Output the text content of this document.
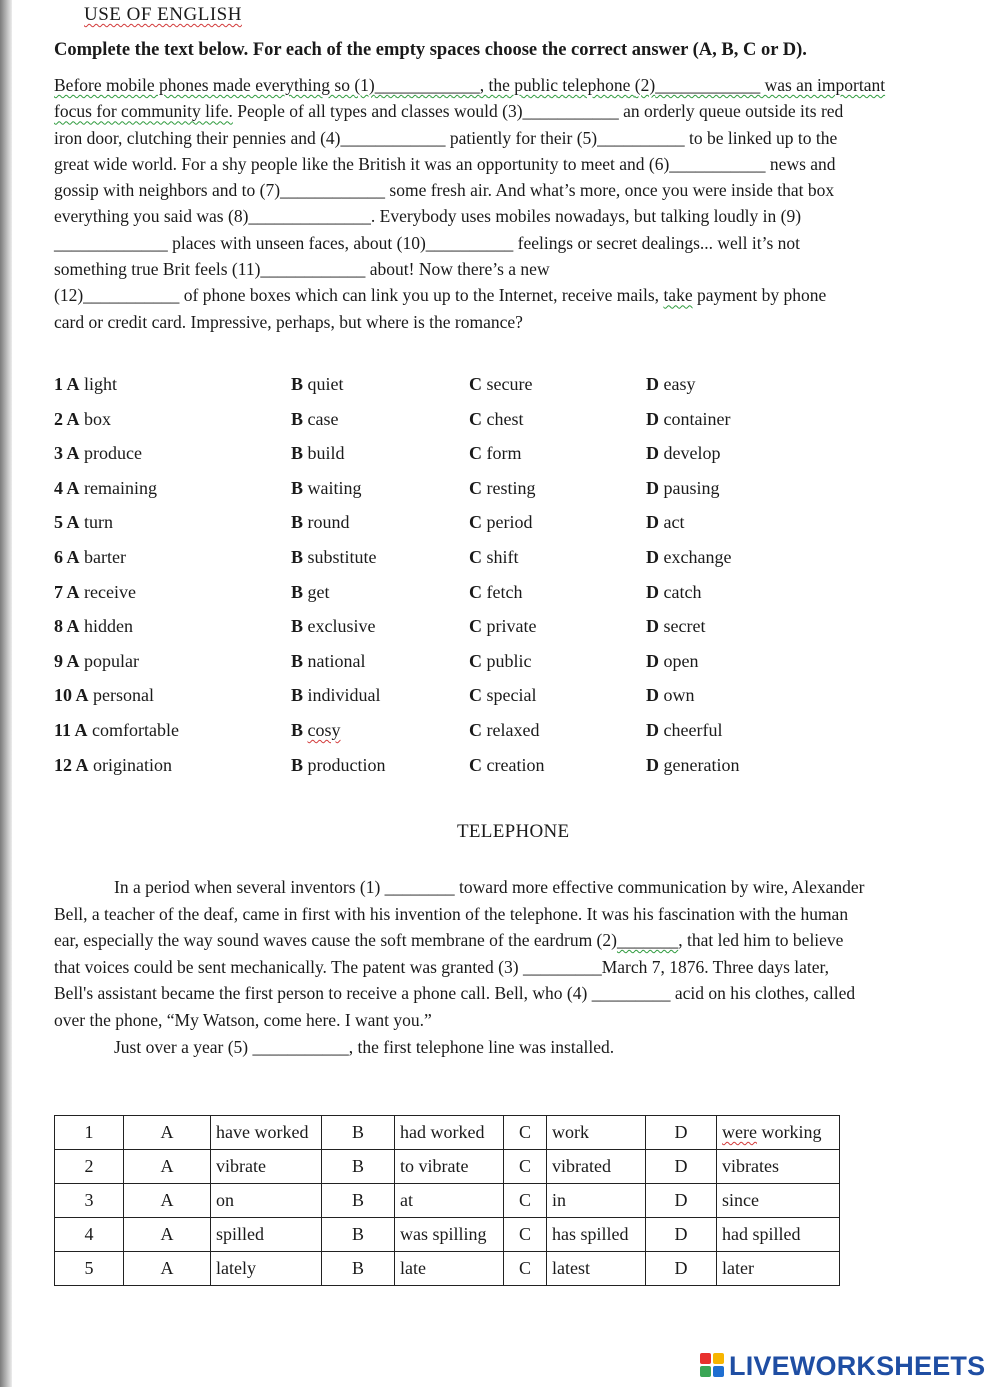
USE OF ENGLISH
Complete the text below. For each of the empty spaces choose the correct answer (A, B, C or D).
Before mobile phones made everything so (1)____________, the public telephone (2)____________ was an important
focus for community life. People of all types and classes would (3)___________ an orderly queue outside its red
iron door, clutching their pennies and (4)____________ patiently for their (5)__________ to be linked up to the
great wide world. For a shy people like the British it was an opportunity to meet and (6)___________ news and
gossip with neighbors and to (7)____________ some fresh air. And what’s more, once you were inside that box
everything you said was (8)______________. Everybody uses mobiles nowadays, but talking loudly in (9)
_____________ places with unseen faces, about (10)__________ feelings or secret dealings... well it’s not
something true Brit feels (11)____________ about! Now there’s a new
(12)___________ of phone boxes which can link you up to the Internet, receive mails, take payment by phone
card or credit card. Impressive, perhaps, but where is the romance?
1 A light	B quiet	C secure	D easy
2 A box	B case	C chest	D container
3 A produce	B build	C form	D develop
4 A remaining	B waiting	C resting	D pausing
5 A turn	B round	C period	D act
6 A barter	B substitute	C shift	D exchange
7 A receive	B get	C fetch	D catch
8 A hidden	B exclusive	C private	D secret
9 A popular	B national	C public	D open
10 A personal	B individual	C special	D own
11 A comfortable	B cosy	C relaxed	D cheerful
12 A origination	B production	C creation	D generation
TELEPHONE
In a period when several inventors (1) ________ toward more effective communication by wire, Alexander
Bell, a teacher of the deaf, came in first with his invention of the telephone. It was his fascination with the human
ear, especially the way sound waves cause the soft membrane of the eardrum (2)_______, that led him to believe
that voices could be sent mechanically. The patent was granted (3) _________March 7, 1876. Three days later,
Bell's assistant became the first person to receive a phone call. Bell, who (4) _________ acid on his clothes, called
over the phone, “My Watson, come here. I want you.”
Just over a year (5) ___________, the first telephone line was installed.
1	A	have worked	B	had worked	C	work	D	were working
2	A	vibrate	B	to vibrate	C	vibrated	D	vibrates
3	A	on	B	at	C	in	D	since
4	A	spilled	B	was spilling	C	has spilled	D	had spilled
5	A	lately	B	late	C	latest	D	later
LIVEWORKSHEETS
